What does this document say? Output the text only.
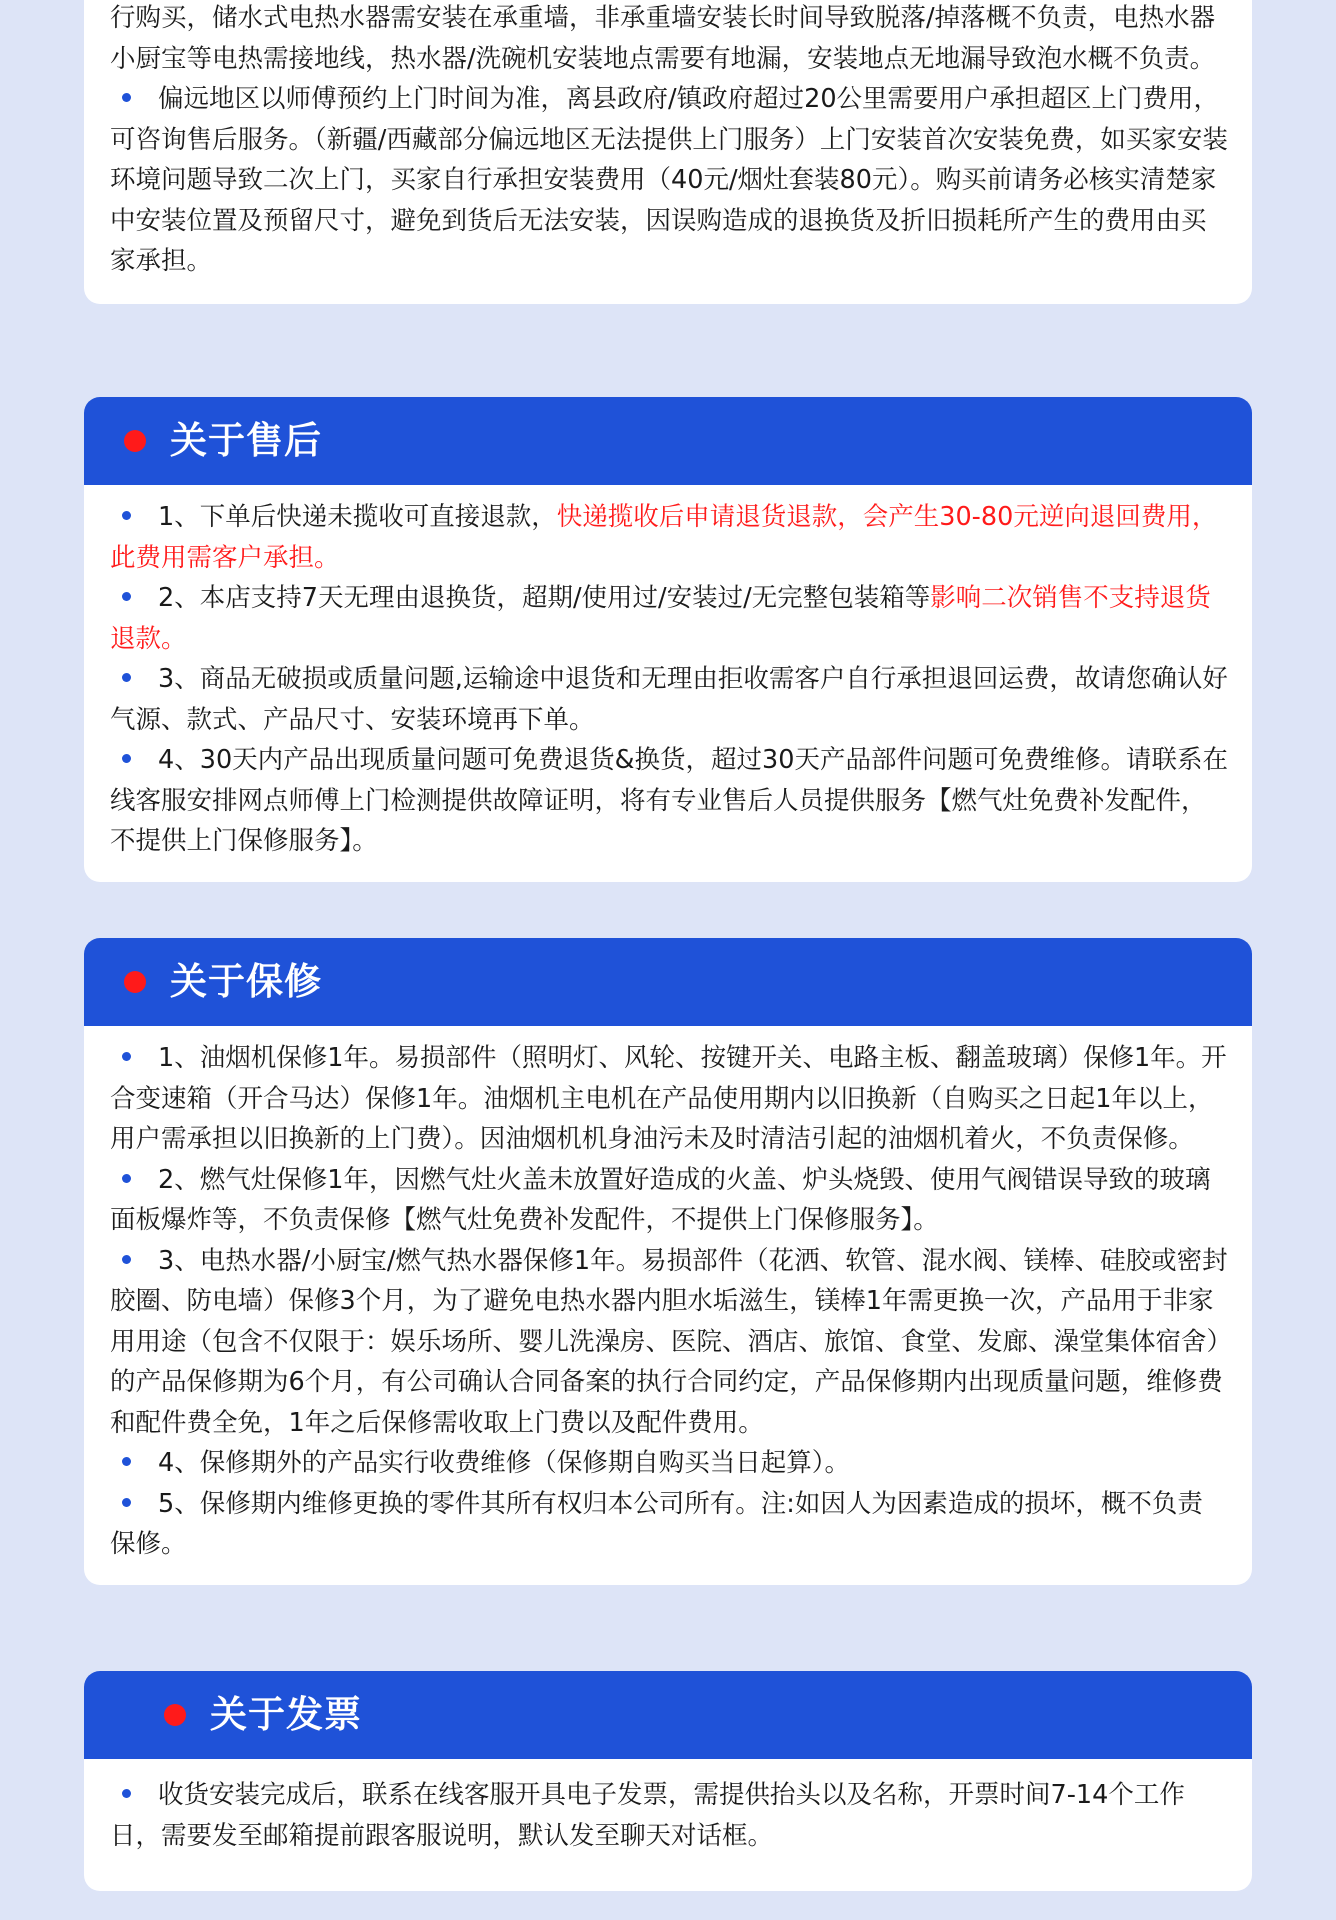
行购买，储水式电热水器需安装在承重墙，非承重墙安装长时间导致脱落/掉落概不负责，电热水器小厨宝等电热需接地线，热水器/洗碗机安装地点需要有地漏，安装地点无地漏导致泡水概不负责。

偏远地区以师傅预约上门时间为准，离县政府/镇政府超过20公里需要用户承担超区上门费用，可咨询售后服务。（新疆/西藏部分偏远地区无法提供上门服务）上门安装首次安装免费，如买家安装环境问题导致二次上门，买家自行承担安装费用（40元/烟灶套装80元）。购买前请务必核实清楚家中安装位置及预留尺寸，避免到货后无法安装，因误购造成的退换货及折旧损耗所产生的费用由买家承担。

关于售后

1、下单后快递未揽收可直接退款，快递揽收后申请退货退款，会产生30-80元逆向退回费用，此费用需客户承担。

2、本店支持7天无理由退换货，超期/使用过/安装过/无完整包装箱等影响二次销售不支持退货退款。

3、商品无破损或质量问题,运输途中退货和无理由拒收需客户自行承担退回运费，故请您确认好气源、款式、产品尺寸、安装环境再下单。

4、30天内产品出现质量问题可免费退货&换货，超过30天产品部件问题可免费维修。请联系在线客服安排网点师傅上门检测提供故障证明，将有专业售后人员提供服务【燃气灶免费补发配件，不提供上门保修服务】。

关于保修

1、油烟机保修1年。易损部件（照明灯、风轮、按键开关、电路主板、翻盖玻璃）保修1年。开合变速箱（开合马达）保修1年。油烟机主电机在产品使用期内以旧换新（自购买之日起1年以上，用户需承担以旧换新的上门费）。因油烟机机身油污未及时清洁引起的油烟机着火，不负责保修。

2、燃气灶保修1年，因燃气灶火盖未放置好造成的火盖、炉头烧毁、使用气阀错误导致的玻璃面板爆炸等，不负责保修【燃气灶免费补发配件，不提供上门保修服务】。

3、电热水器/小厨宝/燃气热水器保修1年。易损部件（花洒、软管、混水阀、镁棒、硅胶或密封胶圈、防电墙）保修3个月，为了避免电热水器内胆水垢滋生，镁棒1年需更换一次，产品用于非家用用途（包含不仅限于：娱乐场所、婴儿洗澡房、医院、酒店、旅馆、食堂、发廊、澡堂集体宿舍）的产品保修期为6个月，有公司确认合同备案的执行合同约定，产品保修期内出现质量问题，维修费和配件费全免，1年之后保修需收取上门费以及配件费用。

4、保修期外的产品实行收费维修（保修期自购买当日起算）。

5、保修期内维修更换的零件其所有权归本公司所有。注:如因人为因素造成的损坏，概不负责保修。

关于发票

收货安装完成后，联系在线客服开具电子发票，需提供抬头以及名称，开票时间7-14个工作日，需要发至邮箱提前跟客服说明，默认发至聊天对话框。
